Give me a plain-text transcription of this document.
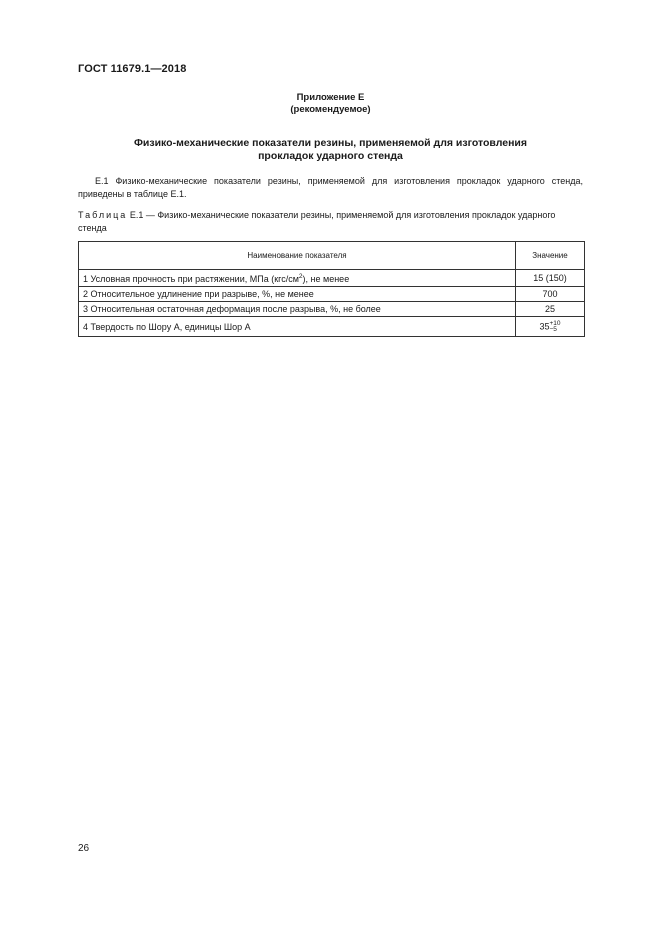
ГОСТ 11679.1—2018
Приложение Е
(рекомендуемое)
Физико-механические показатели резины, применяемой для изготовления
прокладок ударного стенда
Е.1 Физико-механические показатели резины, применяемой для изготовления прокладок ударного стенда, приведены в таблице Е.1.
Таблица Е.1 — Физико-механические показатели резины, применяемой для изготовления прокладок ударного стенда
Наименование показателя	Значение
1 Условная прочность при растяжении, МПа $(кгс/см^2)$, не менее	15 (150)
2 Относительное удлинение при разрыве, %, не менее	700
3 Относительная остаточная деформация после разрыва, %, не более	25
4 Твердость по Шору А, единицы Шор А	35 +10
−5
26
